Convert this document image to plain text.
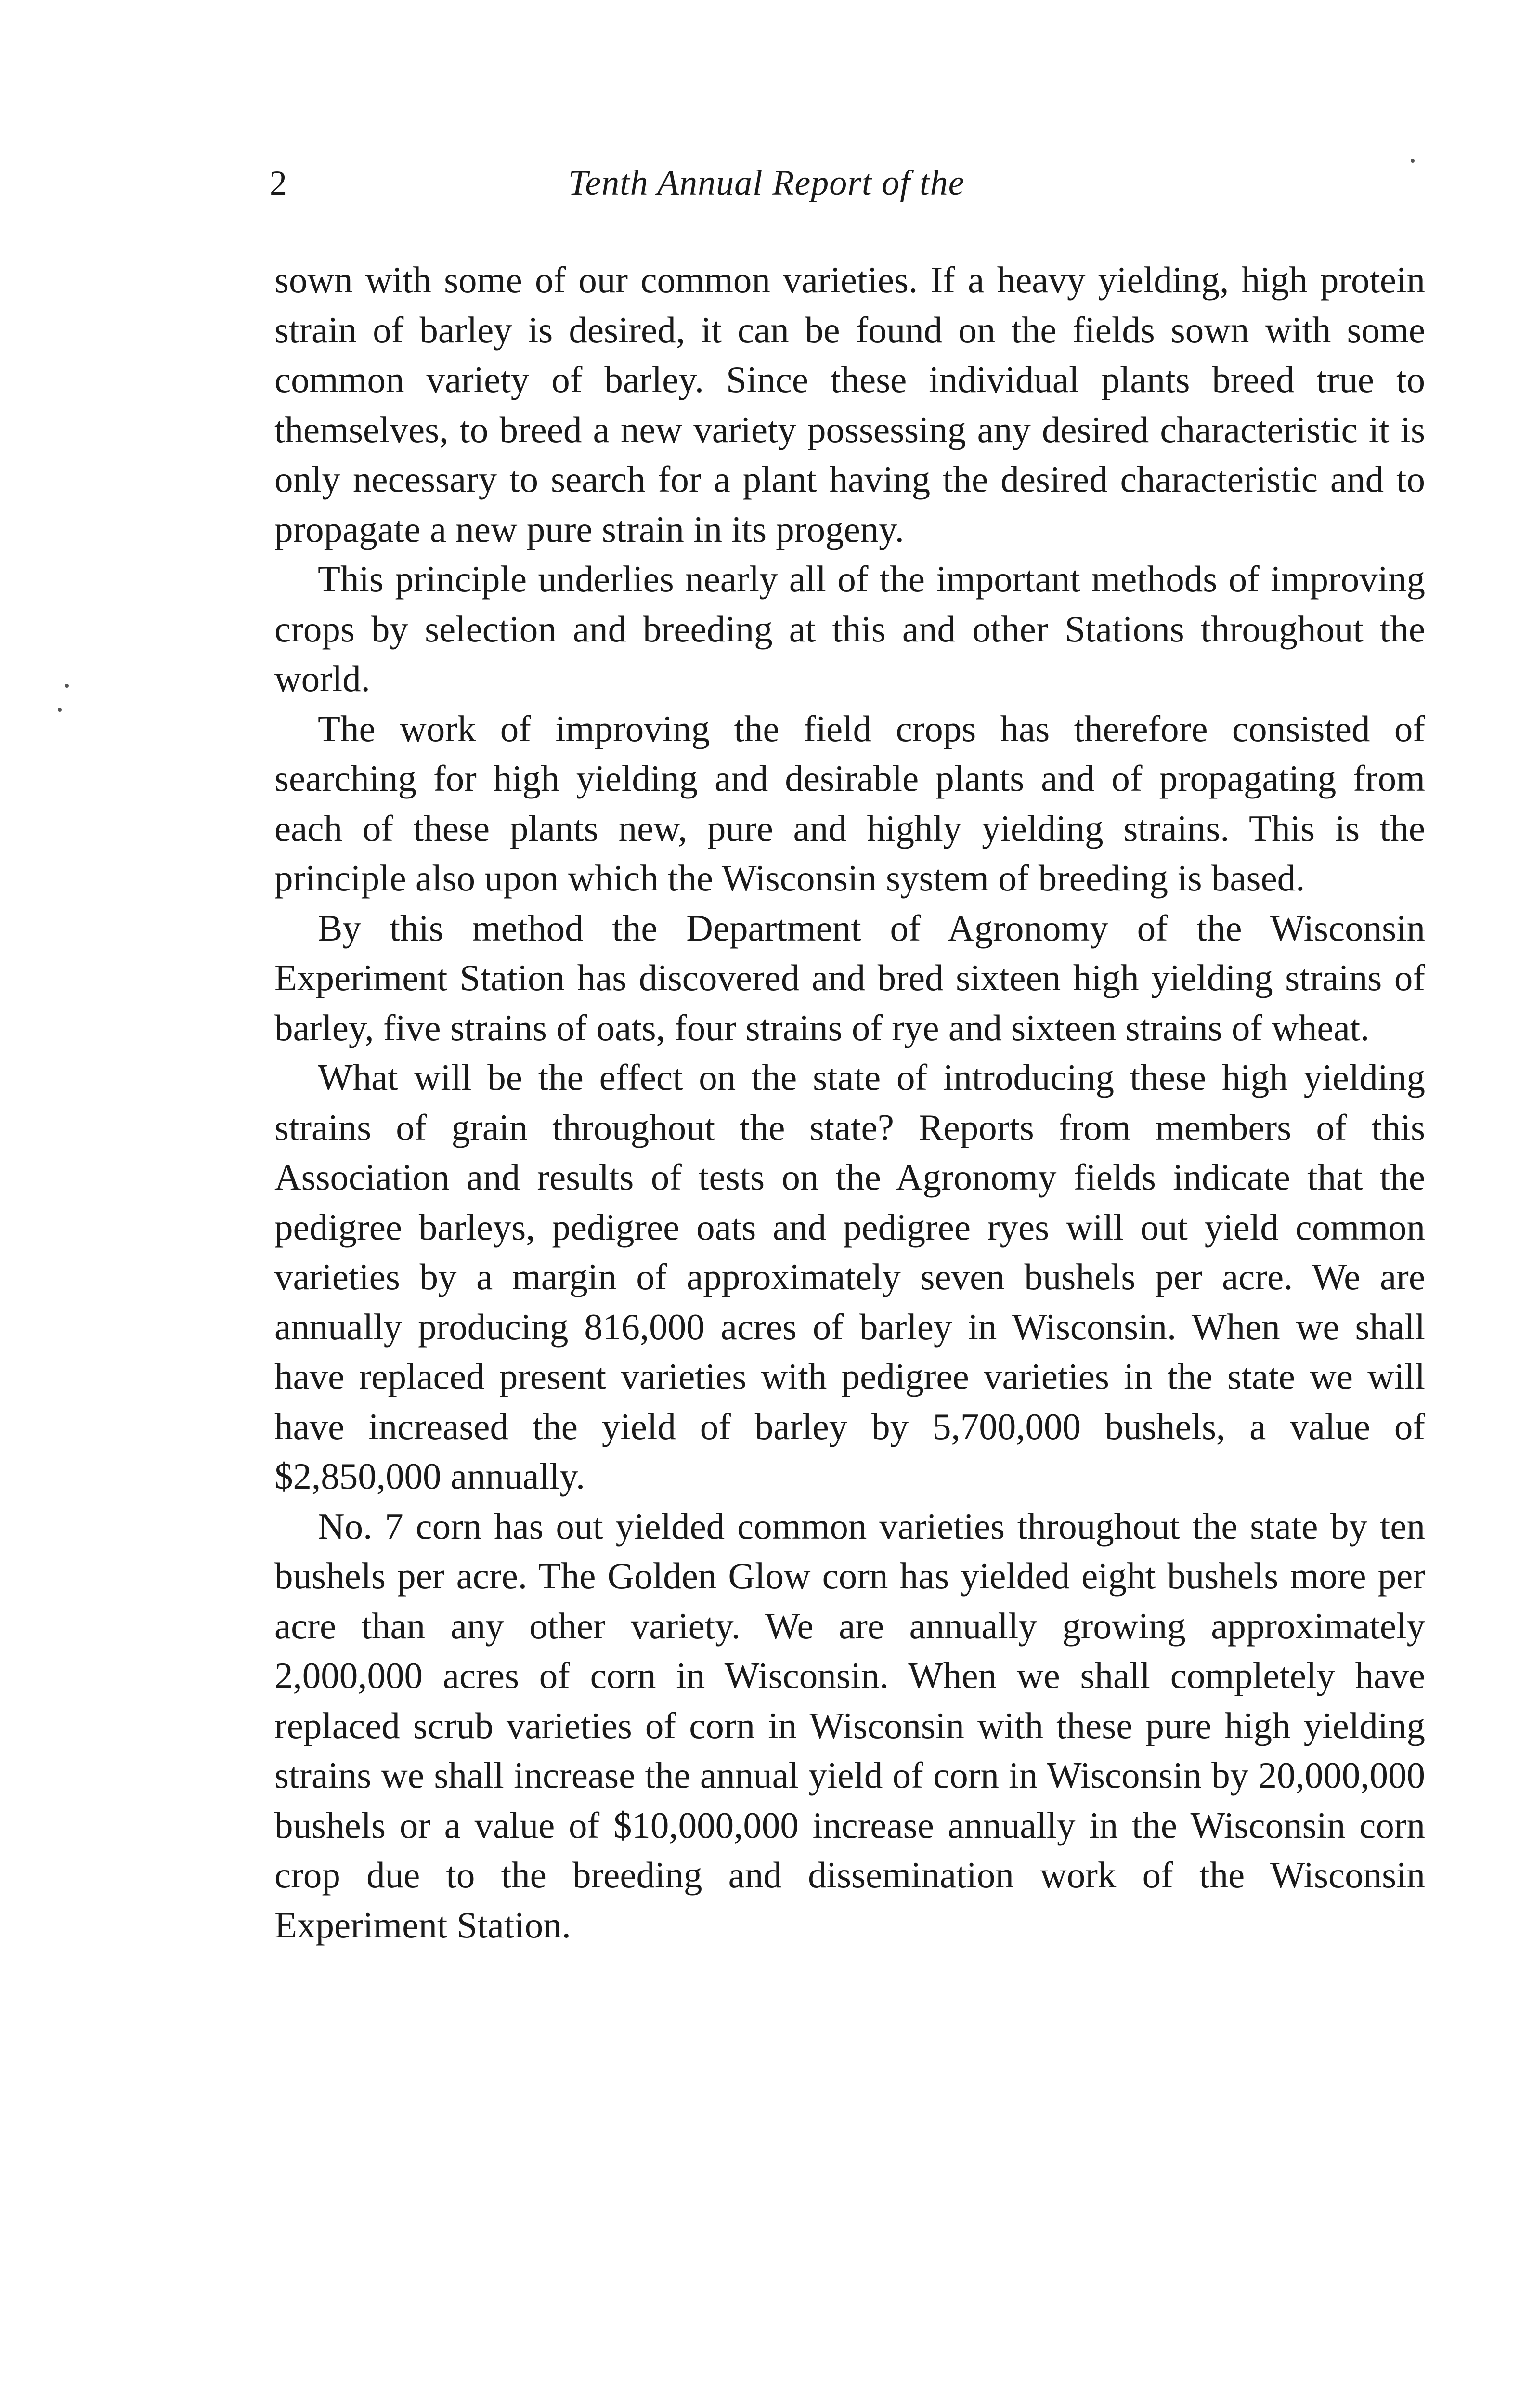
2	Tenth Annual Report of the

sown with some of our common varieties. If a heavy yielding, high protein strain of barley is desired, it can be found on the fields sown with some common variety of barley. Since these individual plants breed true to themselves, to breed a new variety possessing any desired characteristic it is only necessary to search for a plant having the desired characteristic and to propagate a new pure strain in its progeny.

This principle underlies nearly all of the important methods of improving crops by selection and breeding at this and other Stations throughout the world.

The work of improving the field crops has therefore consisted of searching for high yielding and desirable plants and of propagating from each of these plants new, pure and highly yielding strains. This is the principle also upon which the Wisconsin system of breeding is based.

By this method the Department of Agronomy of the Wisconsin Experiment Station has discovered and bred sixteen high yielding strains of barley, five strains of oats, four strains of rye and sixteen strains of wheat.

What will be the effect on the state of introducing these high yielding strains of grain throughout the state? Reports from members of this Association and results of tests on the Agronomy fields indicate that the pedigree barleys, pedigree oats and pedigree ryes will out yield common varieties by a margin of approximately seven bushels per acre. We are annually producing 816,000 acres of barley in Wisconsin. When we shall have replaced present varieties with pedigree varieties in the state we will have increased the yield of barley by 5,700,000 bushels, a value of $2,850,000 annually.

No. 7 corn has out yielded common varieties throughout the state by ten bushels per acre. The Golden Glow corn has yielded eight bushels more per acre than any other variety. We are annually growing approximately 2,000,000 acres of corn in Wisconsin. When we shall completely have replaced scrub varieties of corn in Wisconsin with these pure high yielding strains we shall increase the annual yield of corn in Wisconsin by 20,000,000 bushels or a value of $10,000,000 increase annually in the Wisconsin corn crop due to the breeding and dissemination work of the Wisconsin Experiment Station.
